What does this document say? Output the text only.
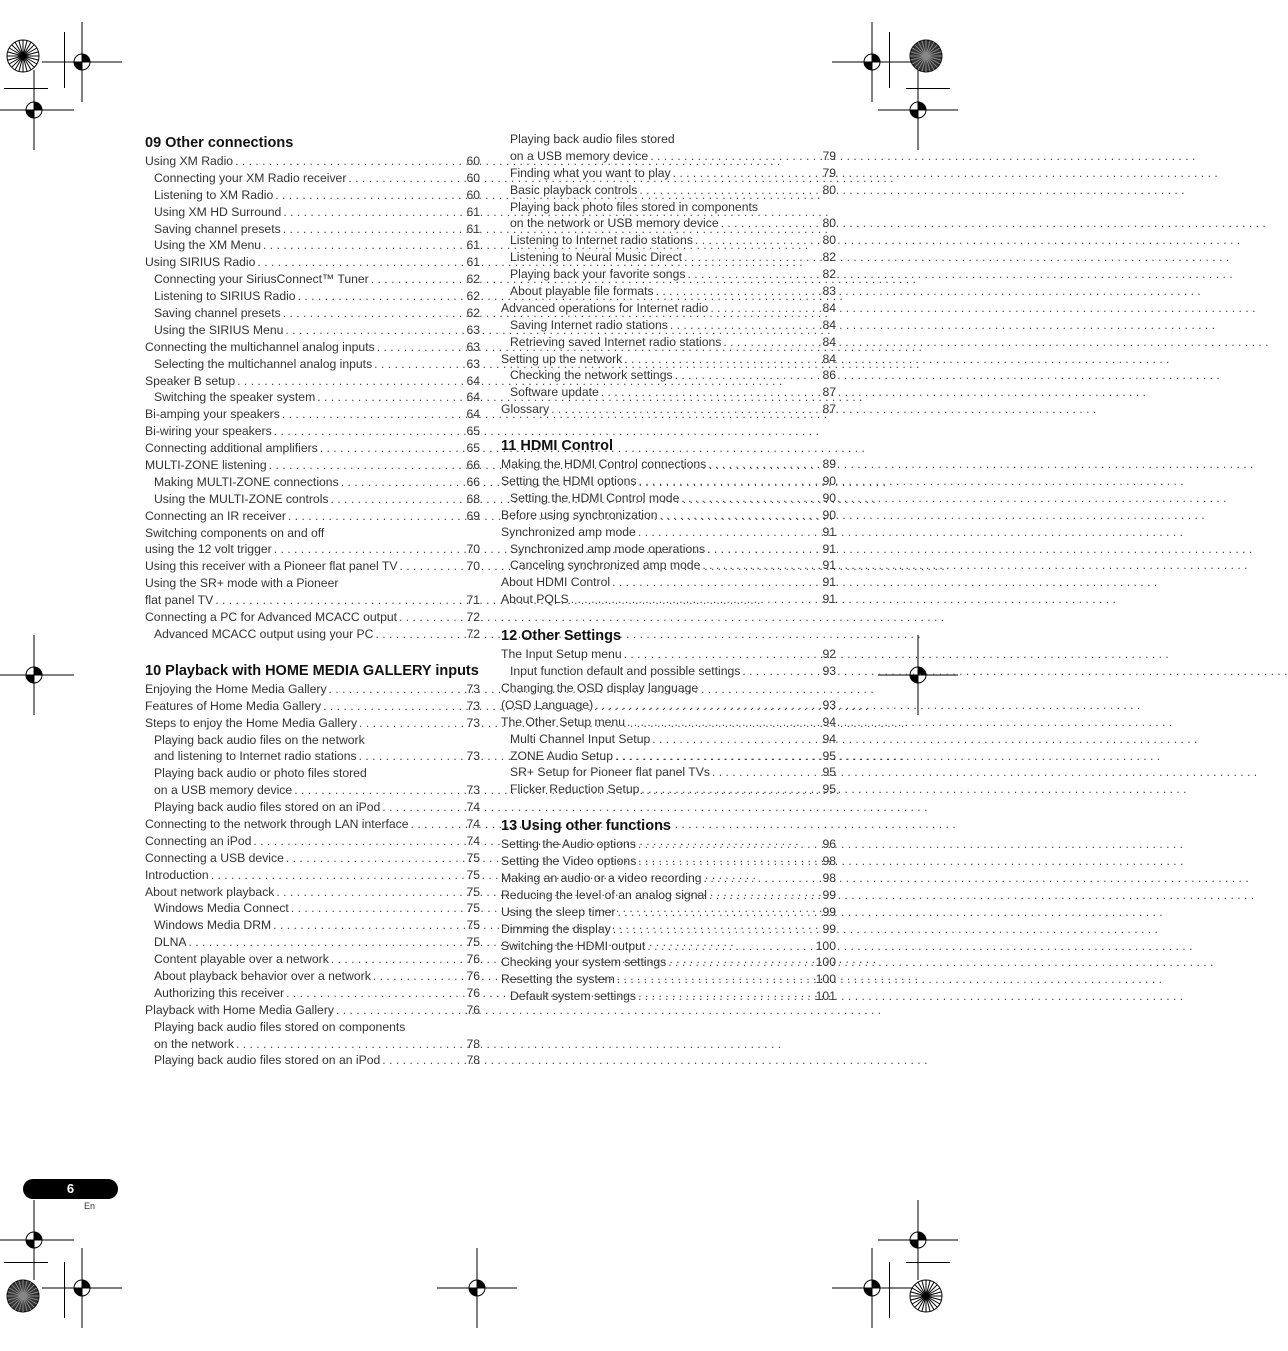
09 Other connections
Using XM Radio . . .	60
Connecting your XM Radio receiver . . .	60
Listening to XM Radio . . .	60
Using XM HD Surround . . .	61
Saving channel presets . . .	61
Using the XM Menu . . .	61
Using SIRIUS Radio . . .	61
Connecting your SiriusConnect™ Tuner . . .	62
Listening to SIRIUS Radio . . .	62
Saving channel presets . . .	62
Using the SIRIUS Menu . . .	63
Connecting the multichannel analog inputs . . .	63
Selecting the multichannel analog inputs . . .	63
Speaker B setup . . .	64
Switching the speaker system . . .	64
Bi-amping your speakers . . .	64
Bi-wiring your speakers . . .	65
Connecting additional amplifiers . . .	65
MULTI-ZONE listening . . .	66
Making MULTI-ZONE connections . . .	66
Using the MULTI-ZONE controls . . .	68
Connecting an IR receiver . . .	69
Switching components on and off
using the 12 volt trigger . . .	70
Using this receiver with a Pioneer flat panel TV . . .	70
Using the SR+ mode with a Pioneer
flat panel TV . . .	71
Connecting a PC for Advanced MCACC output . . .	72
Advanced MCACC output using your PC . . .	72
10 Playback with HOME MEDIA GALLERY inputs
Enjoying the Home Media Gallery . . .	73
Features of Home Media Gallery . . .	73
Steps to enjoy the Home Media Gallery . . .	73
Playing back audio files on the network
and listening to Internet radio stations . . .	73
Playing back audio or photo files stored
on a USB memory device . . .	73
Playing back audio files stored on an iPod . . .	74
Connecting to the network through LAN interface . . .	74
Connecting an iPod . . .	74
Connecting a USB device . . .	75
Introduction . . .	75
About network playback . . .	75
Windows Media Connect . . .	75
Windows Media DRM . . .	75
DLNA . . .	75
Content playable over a network . . .	76
About playback behavior over a network . . .	76
Authorizing this receiver . . .	76
Playback with Home Media Gallery . . .	76
Playing back audio files stored on components
on the network . . .	78
Playing back audio files stored on an iPod . . .	78
Playing back audio files stored
on a USB memory device . . .	79
Finding what you want to play . . .	79
Basic playback controls . . .	80
Playing back photo files stored in components
on the network or USB memory device . . .	80
Listening to Internet radio stations . . .	80
Listening to Neural Music Direct . . .	82
Playing back your favorite songs . . .	82
About playable file formats . . .	83
Advanced operations for Internet radio . . .	84
Saving Internet radio stations . . .	84
Retrieving saved Internet radio stations . . .	84
Setting up the network . . .	84
Checking the network settings . . .	86
Software update . . .	87
Glossary . . .	87
11 HDMI Control
Making the HDMI Control connections . . .	89
Setting the HDMI options . . .	90
Setting the HDMI Control mode . . .	90
Before using synchronization . . .	90
Synchronized amp mode . . .	91
Synchronized amp mode operations . . .	91
Canceling synchronized amp mode . . .	91
About HDMI Control . . .	91
About PQLS . . .	91
12 Other Settings
The Input Setup menu . . .	92
Input function default and possible settings . . .	93
Changing the OSD display language
(OSD Language) . . .	93
The Other Setup menu . . .	94
Multi Channel Input Setup . . .	94
ZONE Audio Setup . . .	95
SR+ Setup for Pioneer flat panel TVs . . .	95
Flicker Reduction Setup . . .	95
13 Using other functions
Setting the Audio options . . .	96
Setting the Video options . . .	98
Making an audio or a video recording . . .	98
Reducing the level of an analog signal . . .	99
Using the sleep timer . . .	99
Dimming the display . . .	99
Switching the HDMI output . . .	100
Checking your system settings . . .	100
Resetting the system . . .	100
Default system settings . . .	101
6
En
